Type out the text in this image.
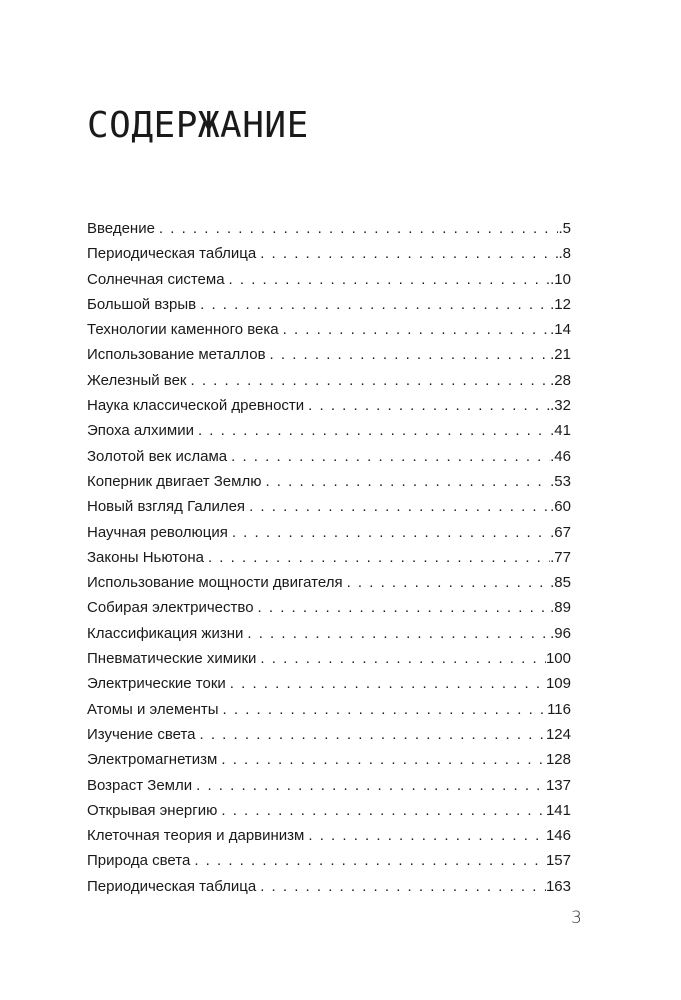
СОДЕРЖАНИЕ
Введение . . .	.5
Периодическая таблица . . .	.8
Солнечная система . . .	.10
Большой взрыв . . .	.12
Технологии каменного века . . .	.14
Использование металлов . . .	.21
Железный век . . .	.28
Наука классической древности . . .	.32
Эпоха алхимии . . .	.41
Золотой век ислама . . .	.46
Коперник двигает Землю . . .	.53
Новый взгляд Галилея . . .	.60
Научная революция . . .	.67
Законы Ньютона . . .	.77
Использование мощности двигателя . . .	.85
Собирая электричество . . .	.89
Классификация жизни . . .	.96
Пневматические химики . . .	100
Электрические токи . . .	109
Атомы и элементы . . .	116
Изучение света . . .	124
Электромагнетизм . . .	128
Возраст Земли . . .	137
Открывая энергию . . .	141
Клеточная теория и дарвинизм . . .	146
Природа света . . .	157
Периодическая таблица . . .	163
3
